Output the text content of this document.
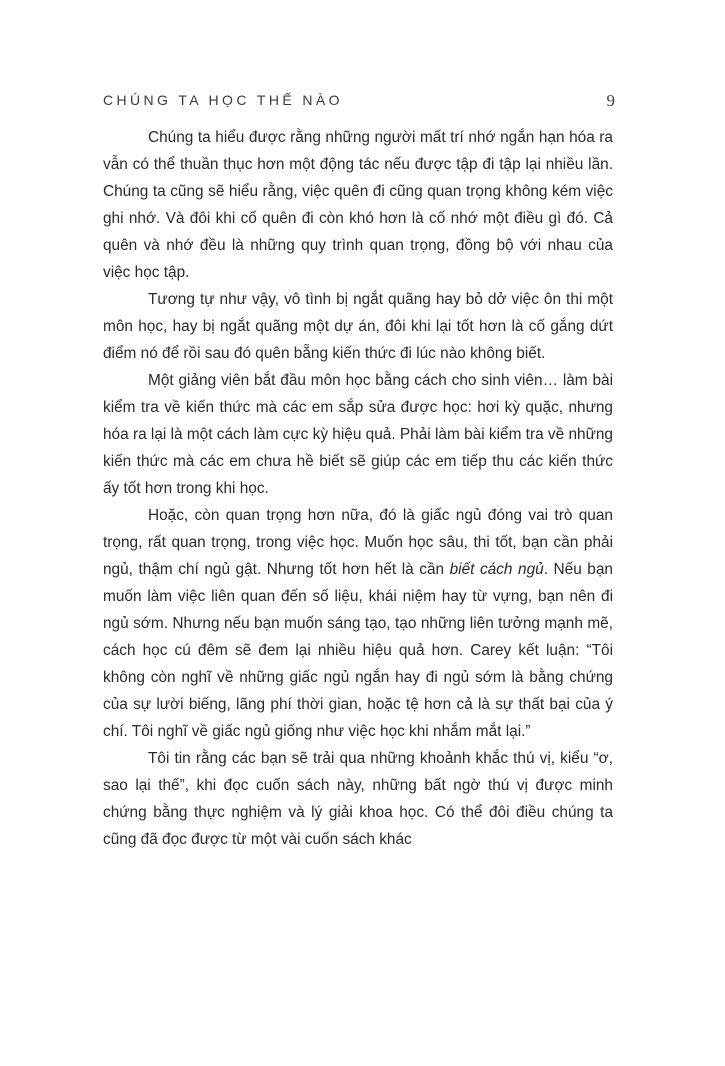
CHÚNG TA HỌC THẾ NÀO	9

Chúng ta hiểu được rằng những người mất trí nhớ ngắn hạn hóa ra vẫn có thể thuần thục hơn một động tác nếu được tập đi tập lại nhiều lần. Chúng ta cũng sẽ hiểu rằng, việc quên đi cũng quan trọng không kém việc ghi nhớ. Và đôi khi cố quên đi còn khó hơn là cố nhớ một điều gì đó. Cả quên và nhớ đều là những quy trình quan trọng, đồng bộ với nhau của việc học tập.

Tương tự như vậy, vô tình bị ngắt quãng hay bỏ dở việc ôn thi một môn học, hay bị ngắt quãng một dự án, đôi khi lại tốt hơn là cố gắng dứt điểm nó để rồi sau đó quên bẵng kiến thức đi lúc nào không biết.

Một giảng viên bắt đầu môn học bằng cách cho sinh viên… làm bài kiểm tra về kiến thức mà các em sắp sửa được học: hơi kỳ quặc, nhưng hóa ra lại là một cách làm cực kỳ hiệu quả. Phải làm bài kiểm tra về những kiến thức mà các em chưa hề biết sẽ giúp các em tiếp thu các kiến thức ấy tốt hơn trong khi học.

Hoặc, còn quan trọng hơn nữa, đó là giấc ngủ đóng vai trò quan trọng, rất quan trọng, trong việc học. Muốn học sâu, thi tốt, bạn cần phải ngủ, thậm chí ngủ gật. Nhưng tốt hơn hết là cần biết cách ngủ. Nếu bạn muốn làm việc liên quan đến số liệu, khái niệm hay từ vựng, bạn nên đi ngủ sớm. Nhưng nếu bạn muốn sáng tạo, tạo những liên tưởng mạnh mẽ, cách học cú đêm sẽ đem lại nhiều hiệu quả hơn. Carey kết luận: “Tôi không còn nghĩ về những giấc ngủ ngắn hay đi ngủ sớm là bằng chứng của sự lười biếng, lãng phí thời gian, hoặc tệ hơn cả là sự thất bại của ý chí. Tôi nghĩ về giấc ngủ giống như việc học khi nhắm mắt lại.”

Tôi tin rằng các bạn sẽ trải qua những khoảnh khắc thú vị, kiểu “ơ, sao lại thế”, khi đọc cuốn sách này, những bất ngờ thú vị được minh chứng bằng thực nghiệm và lý giải khoa học. Có thể đôi điều chúng ta cũng đã đọc được từ một vài cuốn sách khác
